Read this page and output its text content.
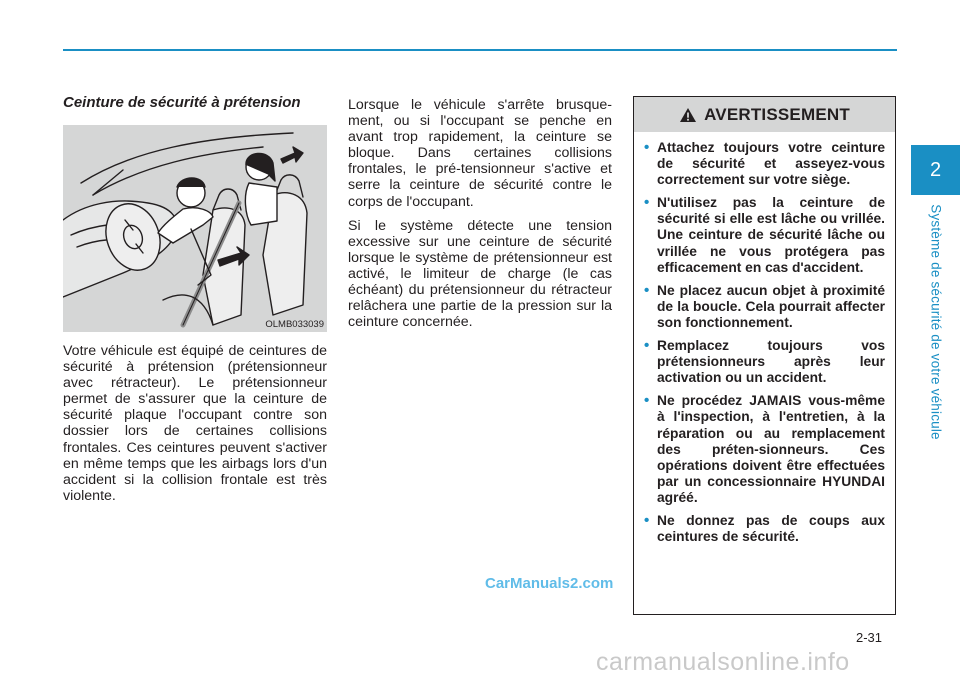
2
Système de sécurité de votre véhicule
Ceinture de sécurité à prétension
OLMB033039

Votre véhicule est équipé de ceintures de sécurité à prétension (prétensionneur avec rétracteur). Le prétensionneur permet de s'assurer que la ceinture de sécurité plaque l'occupant contre son dossier lors de certaines collisions frontales. Ces ceintures peuvent s'activer en même temps que les airbags lors d'un accident si la collision frontale est très violente.

Lorsque le véhicule s'arrête brusque-ment, ou si l'occupant se penche en avant trop rapidement, la ceinture se bloque. Dans certaines collisions frontales, le pré-tensionneur s'active et serre la ceinture de sécurité contre le corps de l'occupant.

Si le système détecte une tension excessive sur une ceinture de sécurité lorsque le système de prétensionneur est activé, le limiteur de charge (le cas échéant) du prétensionneur du rétracteur relâchera une partie de la pression sur la ceinture concernée.

AVERTISSEMENT
• Attachez toujours votre ceinture de sécurité et asseyez-vous correctement sur votre siège.
• N'utilisez pas la ceinture de sécurité si elle est lâche ou vrillée. Une ceinture de sécurité lâche ou vrillée ne vous protégera pas efficacement en cas d'accident.
• Ne placez aucun objet à proximité de la boucle. Cela pourrait affecter son fonctionnement.
• Remplacez toujours vos prétensionneurs après leur activation ou un accident.
• Ne procédez JAMAIS vous-même à l'inspection, à l'entretien, à la réparation ou au remplacement des préten-sionneurs. Ces opérations doivent être effectuées par un concessionnaire HYUNDAI agréé.
• Ne donnez pas de coups aux ceintures de sécurité.
CarManuals2.com
2-31
carmanualsonline.info
